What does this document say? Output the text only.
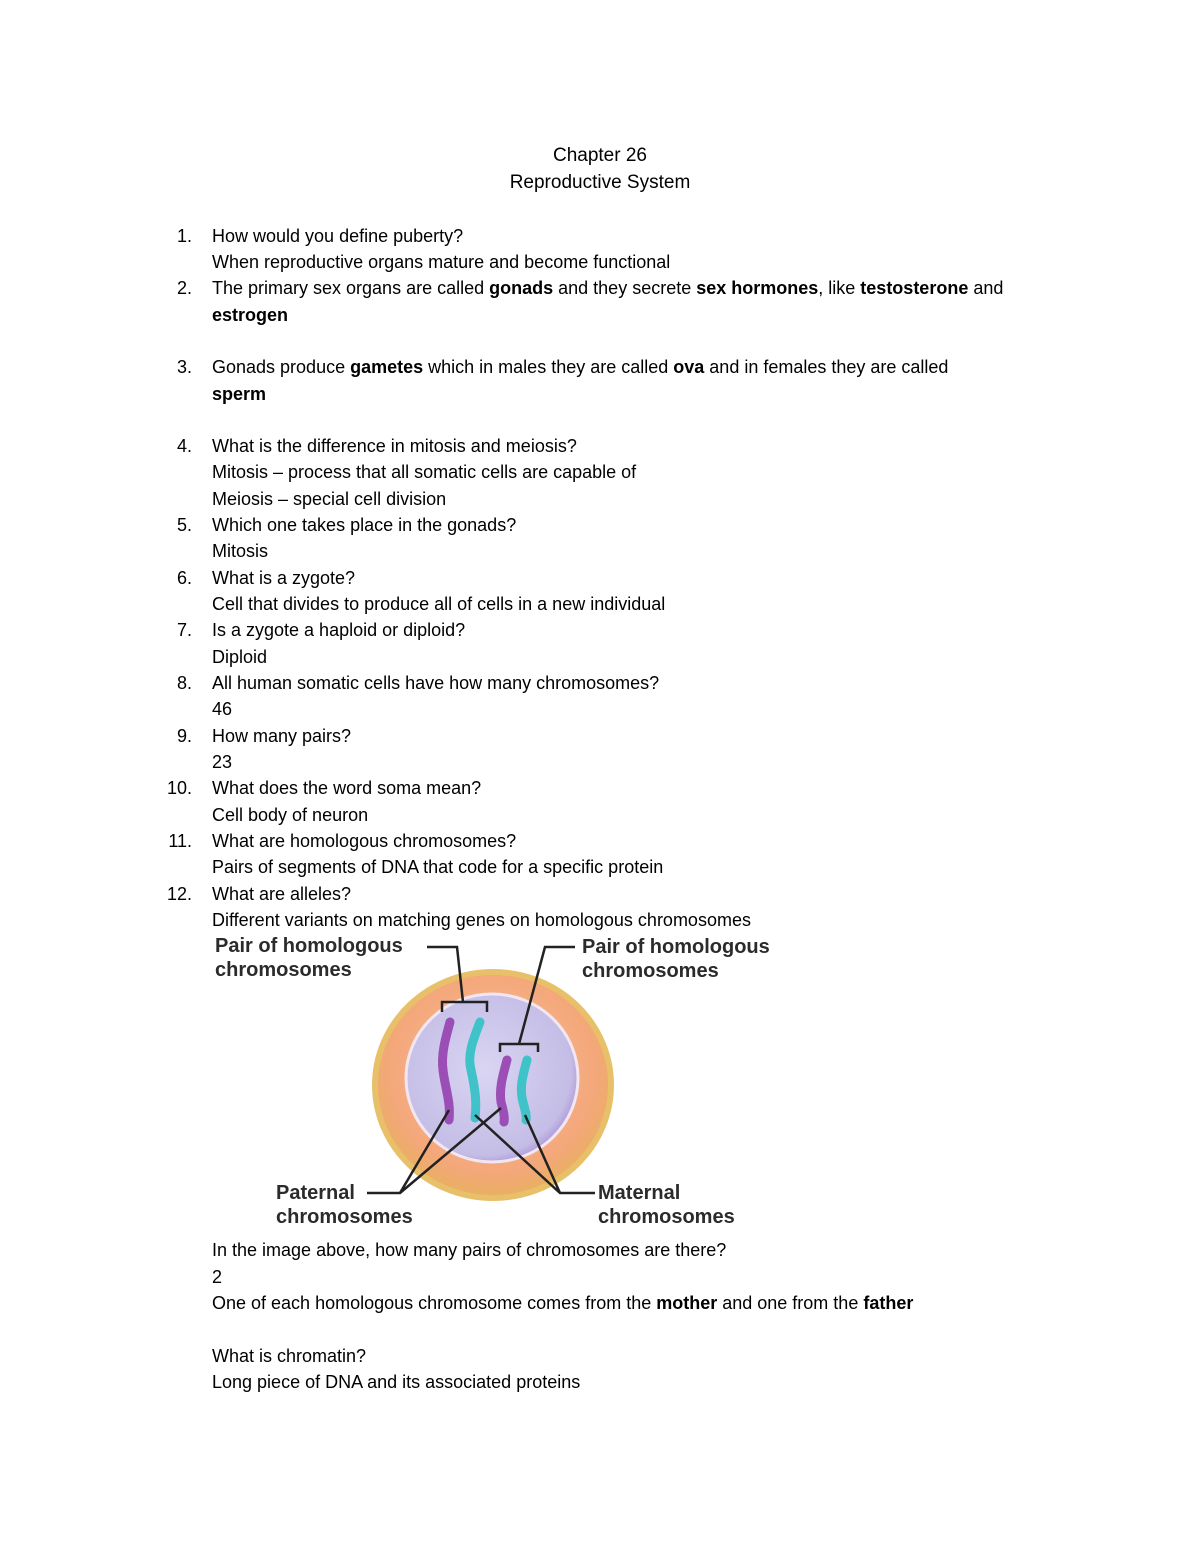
Chapter 26
Reproductive System
1. How would you define puberty?
When reproductive organs mature and become functional
2. The primary sex organs are called gonads and they secrete sex hormones, like testosterone and
estrogen
3. Gonads produce gametes which in males they are called ova and in females they are called
sperm
4. What is the difference in mitosis and meiosis?
Mitosis – process that all somatic cells are capable of
Meiosis – special cell division
5. Which one takes place in the gonads?
Mitosis
6. What is a zygote?
Cell that divides to produce all of cells in a new individual
7. Is a zygote a haploid or diploid?
Diploid
8. All human somatic cells have how many chromosomes?
46
9. How many pairs?
23
10. What does the word soma mean?
Cell body of neuron
11. What are homologous chromosomes?
Pairs of segments of DNA that code for a specific protein
12. What are alleles?
Different variants on matching genes on homologous chromosomes
Pair of homologous
chromosomes
Pair of homologous
chromosomes
Paternal
chromosomes
Maternal
chromosomes
In the image above, how many pairs of chromosomes are there?
2
One of each homologous chromosome comes from the mother and one from the father
What is chromatin?
Long piece of DNA and its associated proteins
